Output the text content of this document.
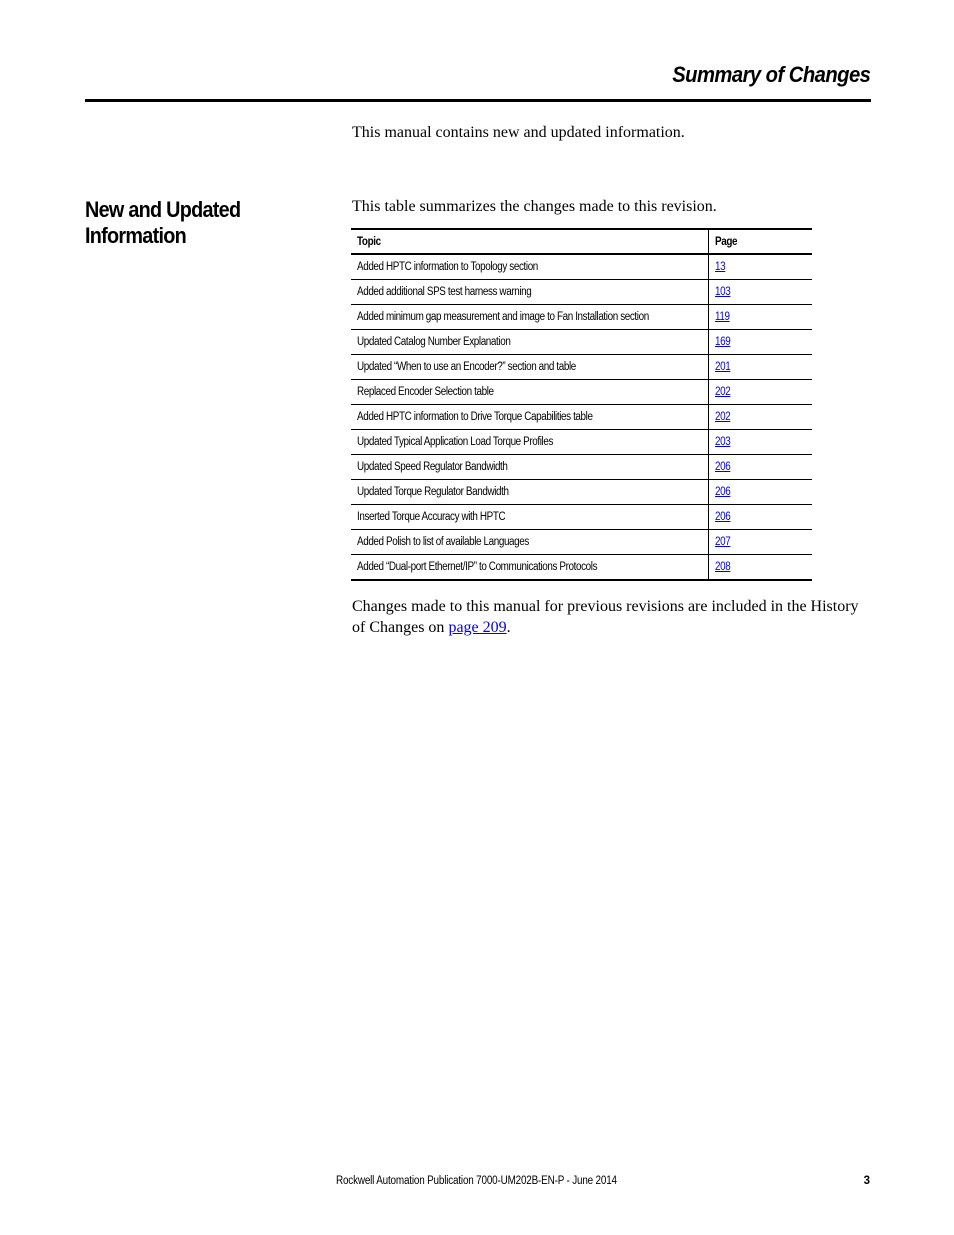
Summary of Changes
This manual contains new and updated information.
New and Updated
Information
This table summarizes the changes made to this revision.
Topic	Page
Added HPTC information to Topology section	13
Added additional SPS test harness warning	103
Added minimum gap measurement and image to Fan Installation section	119
Updated Catalog Number Explanation	169
Updated “When to use an Encoder?” section and table	201
Replaced Encoder Selection table	202
Added HPTC information to Drive Torque Capabilities table	202
Updated Typical Application Load Torque Profiles	203
Updated Speed Regulator Bandwidth	206
Updated Torque Regulator Bandwidth	206
Inserted Torque Accuracy with HPTC	206
Added Polish to list of available Languages	207
Added “Dual-port Ethernet/IP” to Communications Protocols	208
Changes made to this manual for previous revisions are included in the History of Changes on page 209.
Rockwell Automation Publication 7000-UM202B-EN-P - June 2014	3
